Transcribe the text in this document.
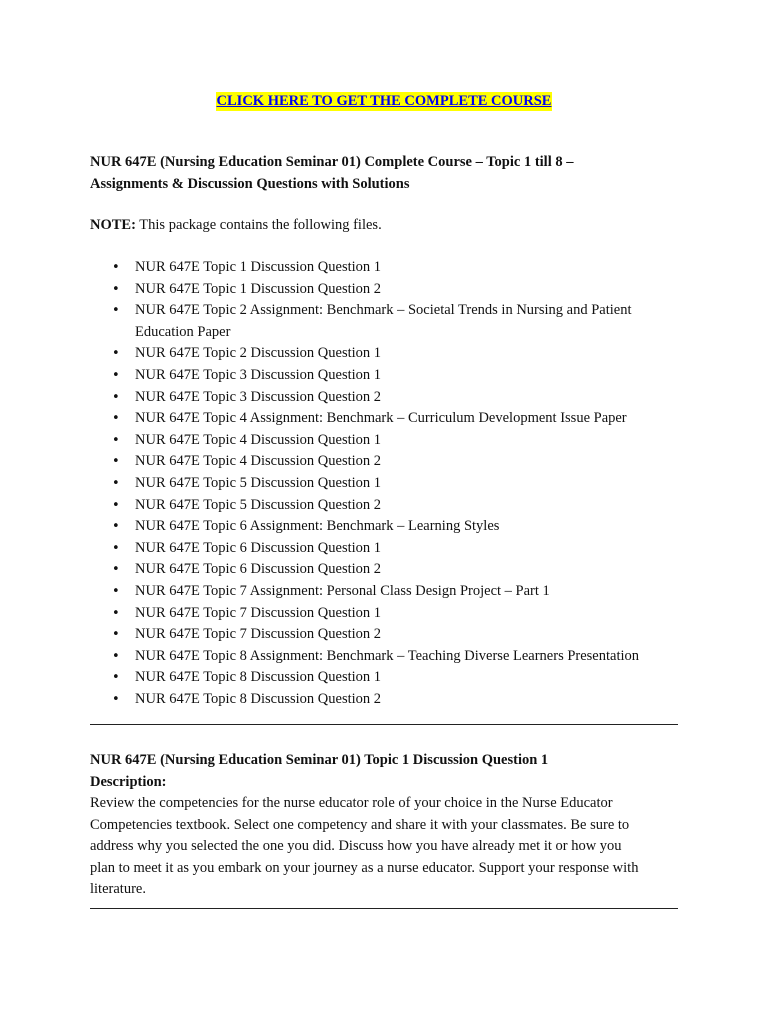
CLICK HERE TO GET THE COMPLETE COURSE
NUR 647E (Nursing Education Seminar 01) Complete Course – Topic 1 till 8 –
Assignments & Discussion Questions with Solutions
NOTE: This package contains the following files.
• NUR 647E Topic 1 Discussion Question 1
• NUR 647E Topic 1 Discussion Question 2
• NUR 647E Topic 2 Assignment: Benchmark – Societal Trends in Nursing and Patient
Education Paper
• NUR 647E Topic 2 Discussion Question 1
• NUR 647E Topic 3 Discussion Question 1
• NUR 647E Topic 3 Discussion Question 2
• NUR 647E Topic 4 Assignment: Benchmark – Curriculum Development Issue Paper
• NUR 647E Topic 4 Discussion Question 1
• NUR 647E Topic 4 Discussion Question 2
• NUR 647E Topic 5 Discussion Question 1
• NUR 647E Topic 5 Discussion Question 2
• NUR 647E Topic 6 Assignment: Benchmark – Learning Styles
• NUR 647E Topic 6 Discussion Question 1
• NUR 647E Topic 6 Discussion Question 2
• NUR 647E Topic 7 Assignment: Personal Class Design Project – Part 1
• NUR 647E Topic 7 Discussion Question 1
• NUR 647E Topic 7 Discussion Question 2
• NUR 647E Topic 8 Assignment: Benchmark – Teaching Diverse Learners Presentation
• NUR 647E Topic 8 Discussion Question 1
• NUR 647E Topic 8 Discussion Question 2
NUR 647E (Nursing Education Seminar 01) Topic 1 Discussion Question 1
Description:
Review the competencies for the nurse educator role of your choice in the Nurse Educator Competencies textbook. Select one competency and share it with your classmates. Be sure to address why you selected the one you did. Discuss how you have already met it or how you plan to meet it as you embark on your journey as a nurse educator. Support your response with literature.
